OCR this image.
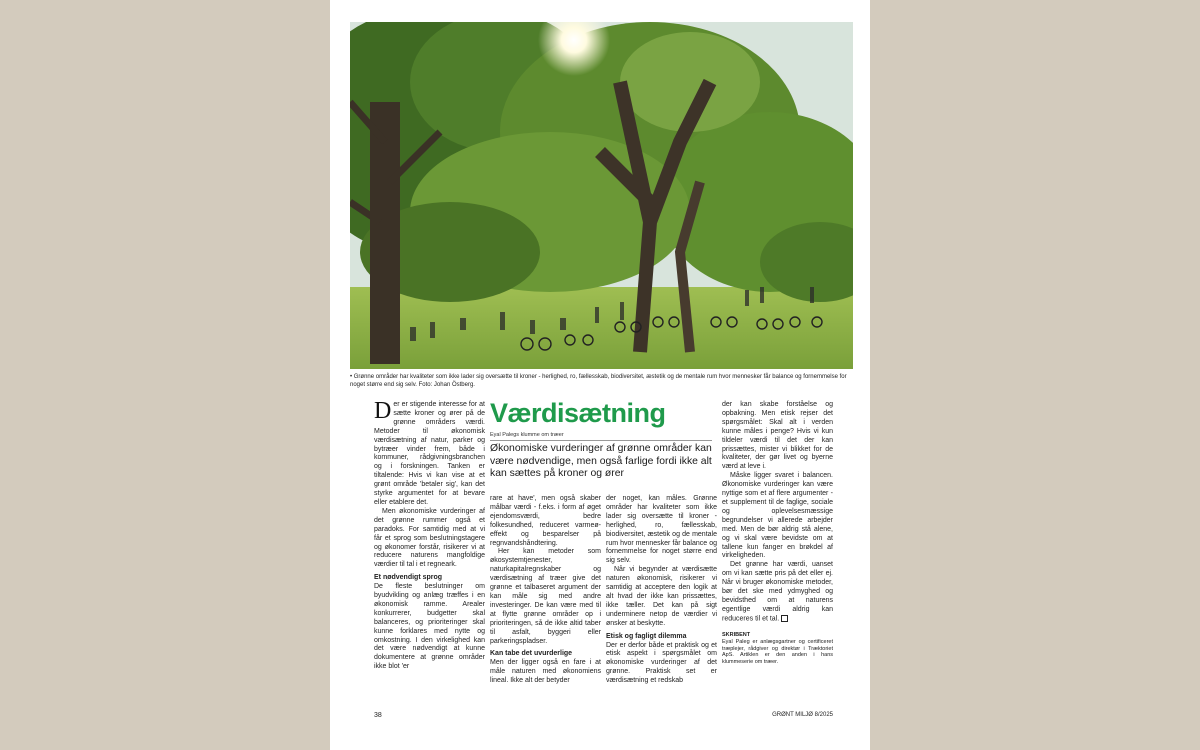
• Grønne områder har kvaliteter som ikke lader sig oversætte til kroner - herlighed, ro, fællesskab, biodiversitet, æstetik og de mentale rum hvor mennesker får balance og fornemmelse for noget større end sig selv. Foto: Johan Östberg.

Der er stigende interesse for at sætte kroner og ører på de grønne områders værdi. Metoder til økonomisk værdisætning af natur, parker og bytræer vinder frem, både i kommuner, rådgivningsbranchen og i forskningen. Tanken er tiltalende: Hvis vi kan vise at et grønt område 'betaler sig', kan det styrke argumentet for at bevare eller etablere det.

Men økonomiske vurderinger af det grønne rummer også et paradoks. For samtidig med at vi får et sprog som beslutningstagere og økonomer forstår, risikerer vi at reducere naturens mangfoldige værdier til tal i et regneark.

Et nødvendigt sprog

De fleste beslutninger om byudvikling og anlæg træffes i en økonomisk ramme. Arealer konkurrerer, budgetter skal balanceres, og prioriteringer skal kunne forklares med nytte og omkostning. I den virkelighed kan det være nødvendigt at kunne dokumentere at grønne områder ikke blot 'er

Værdisætning
Eyal Palegs klumme om træer

Økonomiske vurderinger af grønne områder kan være nødvendige, men også farlige fordi ikke alt kan sættes på kroner og ører

rare at have', men også skaber målbar værdi - f.eks. i form af øget ejendomsværdi, bedre folkesundhed, reduceret varmeø-effekt og besparelser på regnvandshåndtering.

Her kan metoder som økosystemtjenester, naturkapitalregnskaber og værdisætning af træer give det grønne et talbaseret argument der kan måle sig med andre investeringer. De kan være med til at flytte grønne områder op i prioriteringen, så de ikke altid taber til asfalt, byggeri eller parkeringspladser.

Kan tabe det uvurderlige

Men der ligger også en fare i at måle naturen med økonomiens lineal. Ikke alt der betyder

der noget, kan måles. Grønne områder har kvaliteter som ikke lader sig oversætte til kroner - herlighed, ro, fællesskab, biodiversitet, æstetik og de mentale rum hvor mennesker får balance og fornemmelse for noget større end sig selv.

Når vi begynder at værdisætte naturen økonomisk, risikerer vi samtidig at acceptere den logik at alt hvad der ikke kan prissættes, ikke tæller. Det kan på sigt underminere netop de værdier vi ønsker at beskytte.

Etisk og fagligt dilemma

Der er derfor både et praktisk og et etisk aspekt i spørgsmålet om økonomiske vurderinger af det grønne. Praktisk set er værdisætning et redskab

der kan skabe forståelse og opbakning. Men etisk rejser det spørgsmålet: Skal alt i verden kunne måles i penge? Hvis vi kun tildeler værdi til det der kan prissættes, mister vi blikket for de kvaliteter, der gør livet og byerne værd at leve i.

Måske ligger svaret i balancen. Økonomiske vurderinger kan være nyttige som et af flere argumenter - et supplement til de faglige, sociale og oplevelsesmæssige begrundelser vi allerede arbejder med. Men de bør aldrig stå alene, og vi skal være bevidste om at tallene kun fanger en brøkdel af virkeligheden.

Det grønne har værdi, uanset om vi kan sætte pris på det eller ej. Når vi bruger økonomiske metoder, bør det ske med ydmyghed og bevidsthed om at naturens egentlige værdi aldrig kan reduceres til et tal.

SKRIBENT
Eyal Paleg er anlægsgartner og certificeret træplejer, rådgiver og direktør i Træktoriet ApS. Artiklen er den anden i hans klummeserie om træer.
38	GRØNT MILJØ 8/2025
